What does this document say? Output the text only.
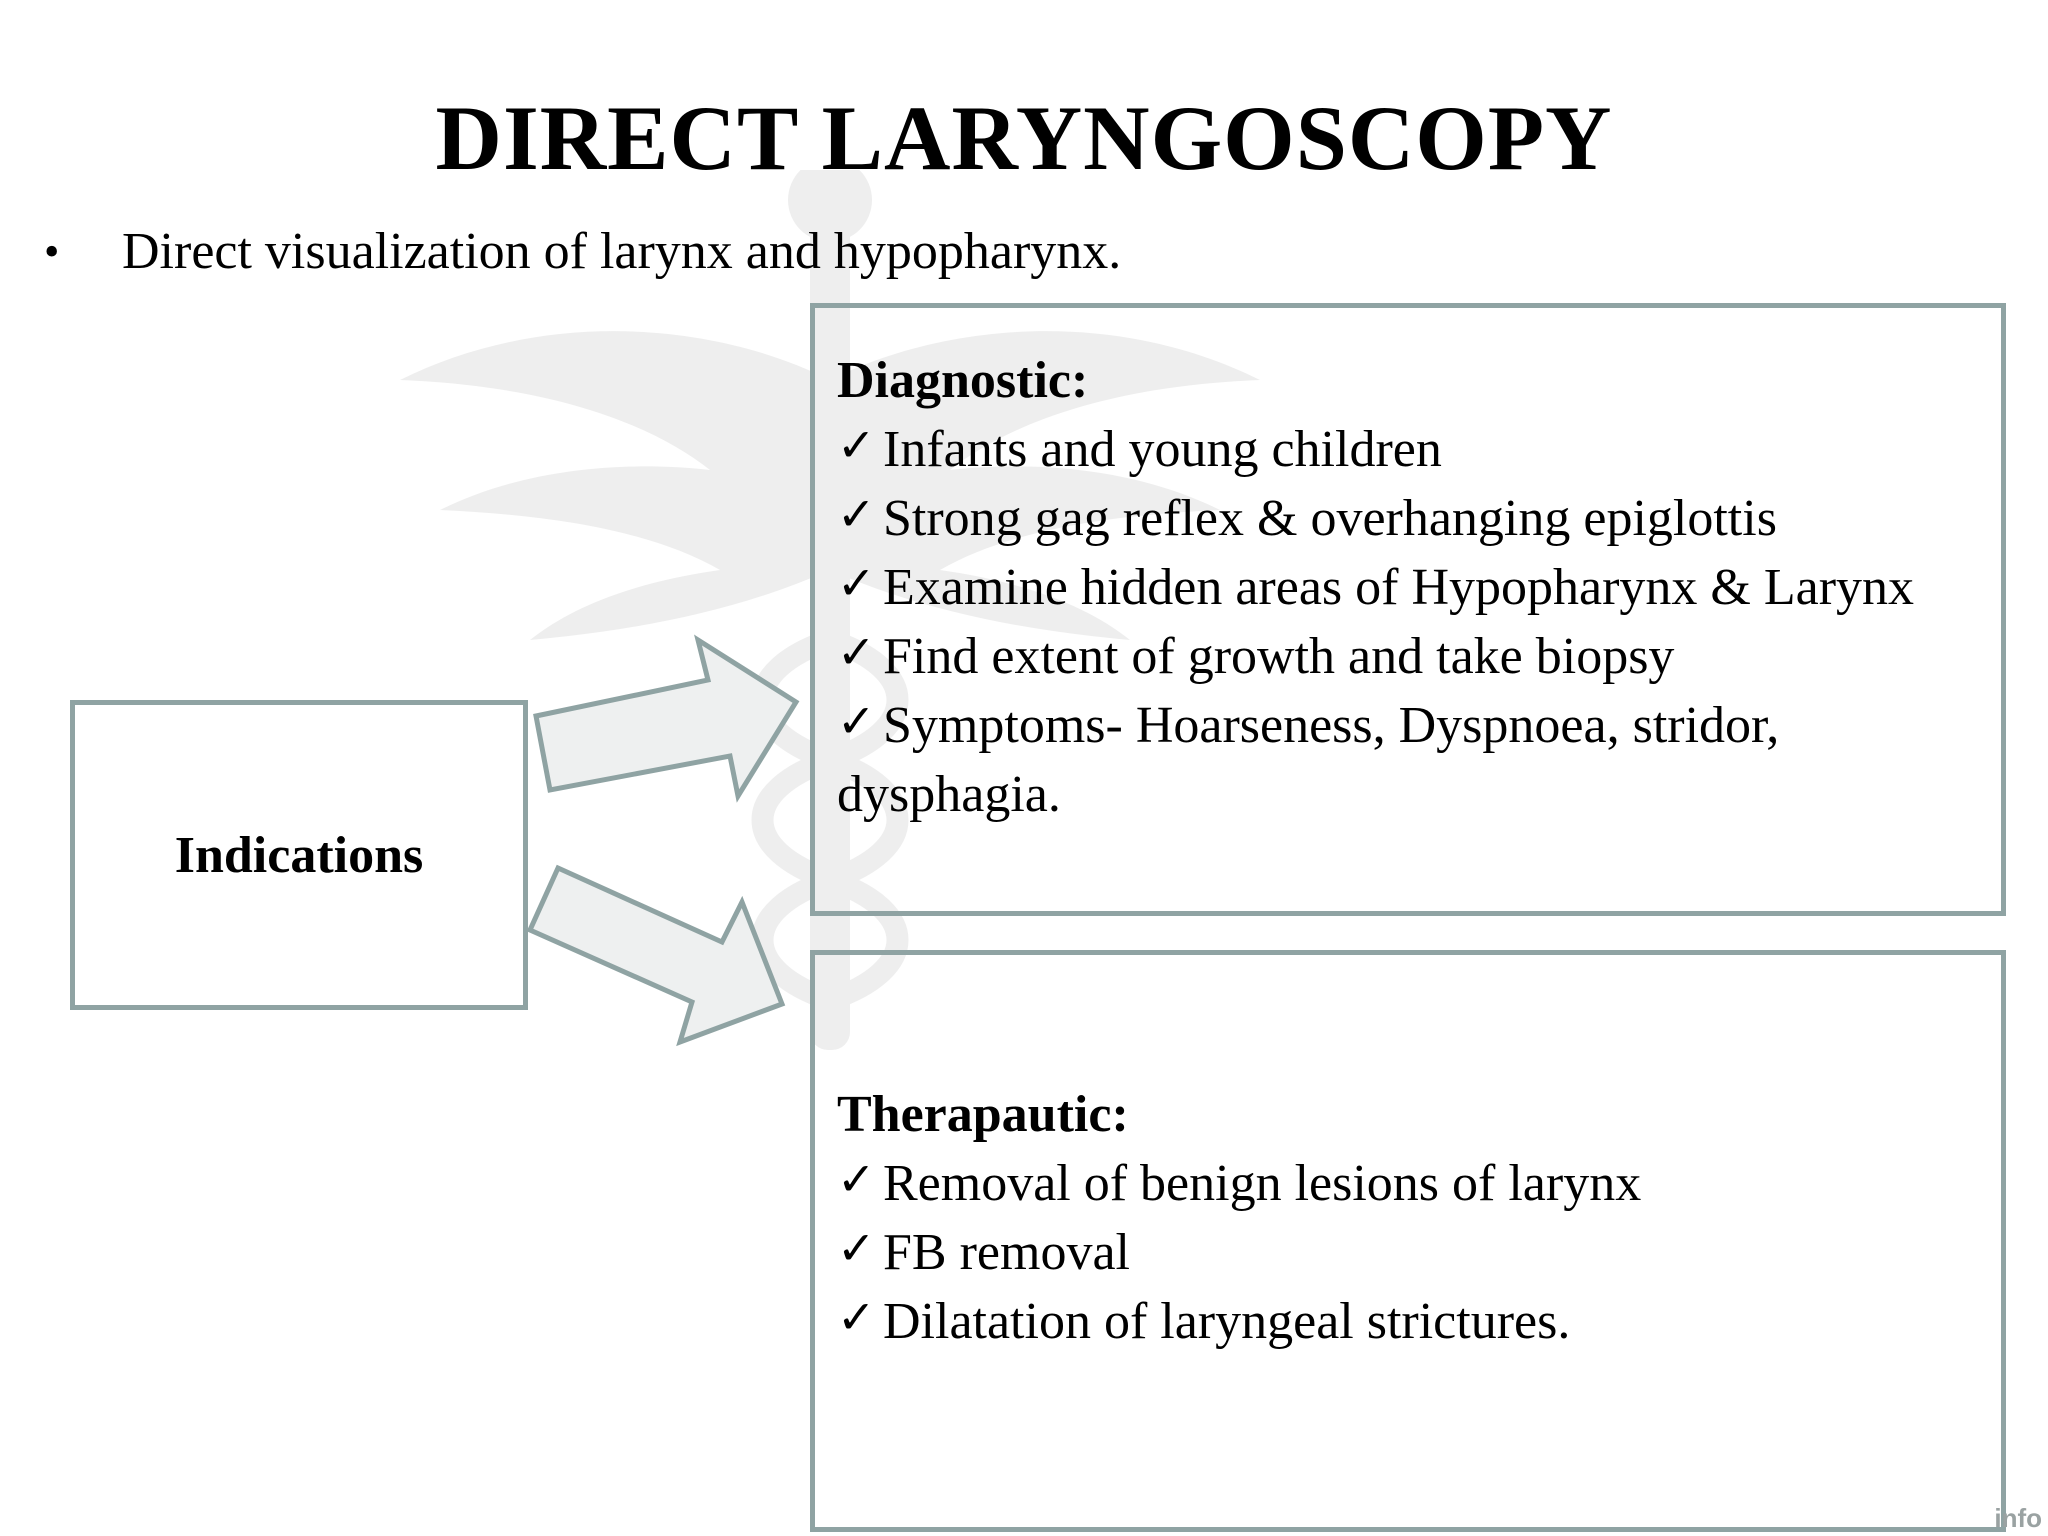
DIRECT LARYNGOSCOPY
• Direct visualization of larynx and hypopharynx.
Indications
Diagnostic:
✓ Infants and young children
✓ Strong gag reflex & overhanging epiglottis
✓ Examine hidden areas of Hypopharynx & Larynx
✓ Find extent of growth and take biopsy
✓ Symptoms- Hoarseness, Dyspnoea, stridor, dysphagia.
Therapautic:
✓ Removal of benign lesions of larynx
✓ FB removal
✓ Dilatation of laryngeal strictures.
info
